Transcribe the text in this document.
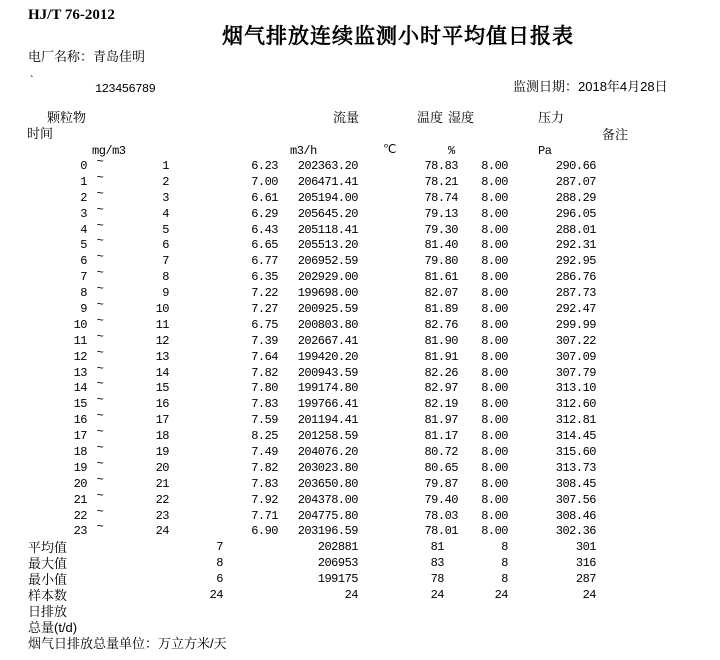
HJ/T 76-2012
烟气排放连续监测小时平均值日报表
电厂名称：青岛佳明
`
123456789	监测日期：2018年4月28日
颗粒物
时间
流量	温度 湿度	压力
备注
mg/m3	m3/h	℃	%	Pa
0 ~	1	6.23	202363.20	78.83	8.00	290.66
1 ~	2	7.00	206471.41	78.21	8.00	287.07
2 ~	3	6.61	205194.00	78.74	8.00	288.29
3 ~	4	6.29	205645.20	79.13	8.00	296.05
4 ~	5	6.43	205118.41	79.30	8.00	288.01
5 ~	6	6.65	205513.20	81.40	8.00	292.31
6 ~	7	6.77	206952.59	79.80	8.00	292.95
7 ~	8	6.35	202929.00	81.61	8.00	286.76
8 ~	9	7.22	199698.00	82.07	8.00	287.73
9 ~	10	7.27	200925.59	81.89	8.00	292.47
10 ~	11	6.75	200803.80	82.76	8.00	299.99
11 ~	12	7.39	202667.41	81.90	8.00	307.22
12 ~	13	7.64	199420.20	81.91	8.00	307.09
13 ~	14	7.82	200943.59	82.26	8.00	307.79
14 ~	15	7.80	199174.80	82.97	8.00	313.10
15 ~	16	7.83	199766.41	82.19	8.00	312.60
16 ~	17	7.59	201194.41	81.97	8.00	312.81
17 ~	18	8.25	201258.59	81.17	8.00	314.45
18 ~	19	7.49	204076.20	80.72	8.00	315.60
19 ~	20	7.82	203023.80	80.65	8.00	313.73
20 ~	21	7.83	203650.80	79.87	8.00	308.45
21 ~	22	7.92	204378.00	79.40	8.00	307.56
22 ~	23	7.71	204775.80	78.03	8.00	308.46
23 ~	24	6.90	203196.59	78.01	8.00	302.36
平均值	7	202881	81	8	301
最大值	8	206953	83	8	316
最小值	6	199175	78	8	287
样本数	24	24	24	24	24
日排放
总量(t/d)
烟气日排放总量单位：万立方米/天
